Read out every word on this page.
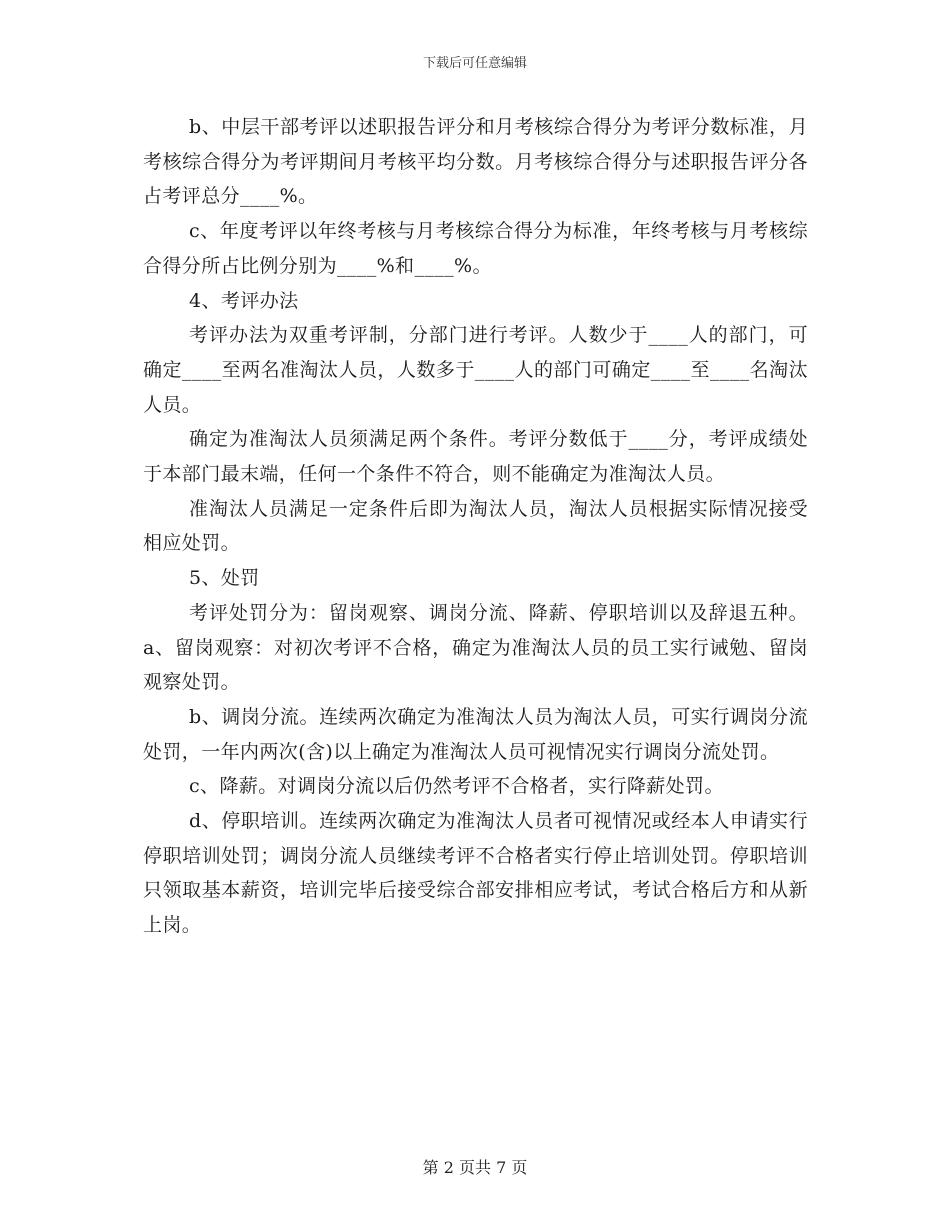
下载后可任意编辑

b、中层干部考评以述职报告评分和月考核综合得分为考评分数标准，月考核综合得分为考评期间月考核平均分数。月考核综合得分与述职报告评分各占考评总分____%。

c、年度考评以年终考核与月考核综合得分为标准，年终考核与月考核综合得分所占比例分别为____%和____%。

4、考评办法

考评办法为双重考评制，分部门进行考评。人数少于____人的部门，可确定____至两名准淘汰人员，人数多于____人的部门可确定____至____名淘汰人员。

确定为准淘汰人员须满足两个条件。考评分数低于____分，考评成绩处于本部门最末端，任何一个条件不符合，则不能确定为准淘汰人员。

准淘汰人员满足一定条件后即为淘汰人员，淘汰人员根据实际情况接受相应处罚。

5、处罚

考评处罚分为：留岗观察、调岗分流、降薪、停职培训以及辞退五种。a、留岗观察：对初次考评不合格，确定为准淘汰人员的员工实行诫勉、留岗观察处罚。

b、调岗分流。连续两次确定为准淘汰人员为淘汰人员，可实行调岗分流处罚，一年内两次(含)以上确定为准淘汰人员可视情况实行调岗分流处罚。

c、降薪。对调岗分流以后仍然考评不合格者，实行降薪处罚。

d、停职培训。连续两次确定为准淘汰人员者可视情况或经本人申请实行停职培训处罚；调岗分流人员继续考评不合格者实行停止培训处罚。停职培训只领取基本薪资，培训完毕后接受综合部安排相应考试，考试合格后方和从新上岗。

第 2 页共 7 页
